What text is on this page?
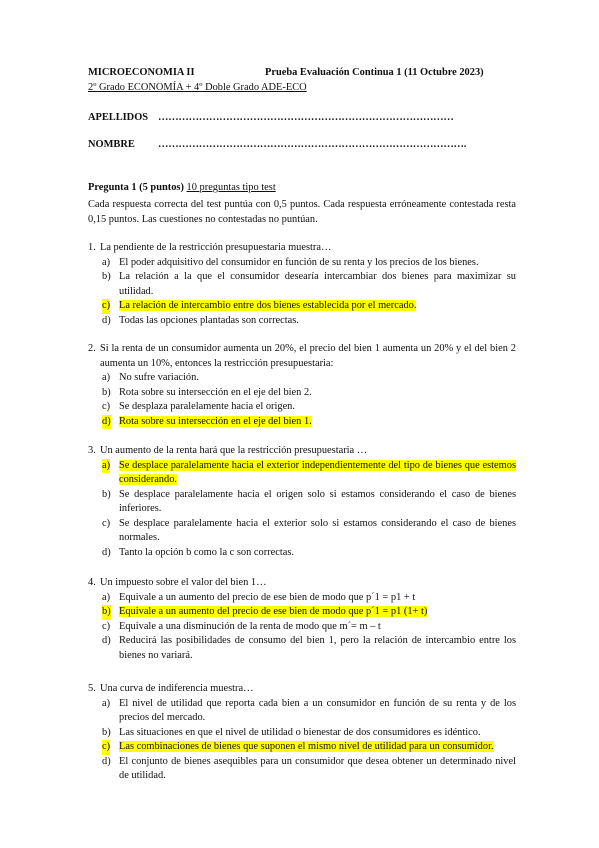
MICROECONOMIA II	Prueba Evaluación Continua 1 (11 Octubre 2023)
2º Grado ECONOMÍA + 4º Doble Grado ADE-ECO
APELLIDOS ……………………………………………………………………………
NOMBRE ……………………………………………………………………………….
Pregunta 1 (5 puntos) 10 preguntas tipo test
Cada respuesta correcta del test puntúa con 0,5 puntos. Cada respuesta erróneamente contestada resta 0,15 puntos. Las cuestiones no contestadas no puntúan.
1. La pendiente de la restricción presupuestaria muestra…
a) El poder adquisitivo del consumidor en función de su renta y los precios de los bienes.
b) La relación a la que el consumidor desearía intercambiar dos bienes para maximizar su utilidad.
c) La relación de intercambio entre dos bienes establecida por el mercado.
d) Todas las opciones plantadas son correctas.
2. Si la renta de un consumidor aumenta un 20%, el precio del bien 1 aumenta un 20% y el del bien 2 aumenta un 10%, entonces la restricción presupuestaria:
a) No sufre variación.
b) Rota sobre su intersección en el eje del bien 2.
c) Se desplaza paralelamente hacia el origen.
d) Rota sobre su intersección en el eje del bien 1.
3. Un aumento de la renta hará que la restricción presupuestaria …
a) Se desplace paralelamente hacia el exterior independientemente del tipo de bienes que estemos considerando.
b) Se desplace paralelamente hacia el origen solo si estamos considerando el caso de bienes inferiores.
c) Se desplace paralelamente hacia el exterior solo si estamos considerando el caso de bienes normales.
d) Tanto la opción b como la c son correctas.
4. Un impuesto sobre el valor del bien 1…
a) Equivale a un aumento del precio de ese bien de modo que p´1 = p1 + t
b) Equivale a un aumento del precio de ese bien de modo que p´1 = p1 (1+ t)
c) Equivale a una disminución de la renta de modo que m´= m – t
d) Reducirá las posibilidades de consumo del bien 1, pero la relación de intercambio entre los bienes no variará.
5. Una curva de indiferencia muestra…
a) El nivel de utilidad que reporta cada bien a un consumidor en función de su renta y de los precios del mercado.
b) Las situaciones en que el nivel de utilidad o bienestar de dos consumidores es idéntico.
c) Las combinaciones de bienes que suponen el mismo nivel de utilidad para un consumidor.
d) El conjunto de bienes asequibles para un consumidor que desea obtener un determinado nivel de utilidad.
